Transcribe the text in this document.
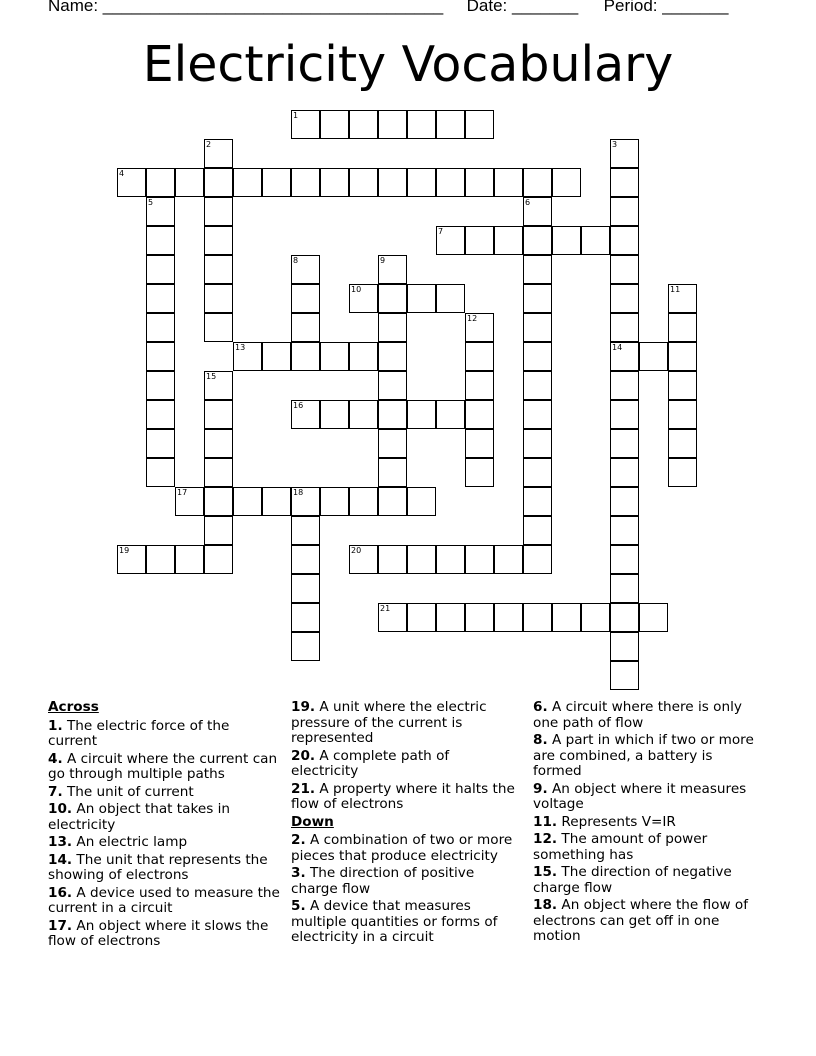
Name: ____________________________________ Date: _______ Period: _______
Electricity Vocabulary
1
2	3
14
4
5	6
7
8	9
10	11
12
13
15
16
17	18
19	20
21
Across
1. The electric force of the current
4. A circuit where the current can go through multiple paths
7. The unit of current
10. An object that takes in electricity
13. An electric lamp
14. The unit that represents the showing of electrons
16. A device used to measure the current in a circuit
17. An object where it slows the flow of electrons
19. A unit where the electric pressure of the current is represented
20. A complete path of electricity
21. A property where it halts the flow of electrons
Down
2. A combination of two or more pieces that produce electricity
3. The direction of positive charge flow
5. A device that measures multiple quantities or forms of electricity in a circuit
6. A circuit where there is only one path of flow
8. A part in which if two or more are combined, a battery is formed
9. An object where it measures voltage
11. Represents V=IR
12. The amount of power something has
15. The direction of negative charge flow
18. An object where the flow of electrons can get off in one motion
